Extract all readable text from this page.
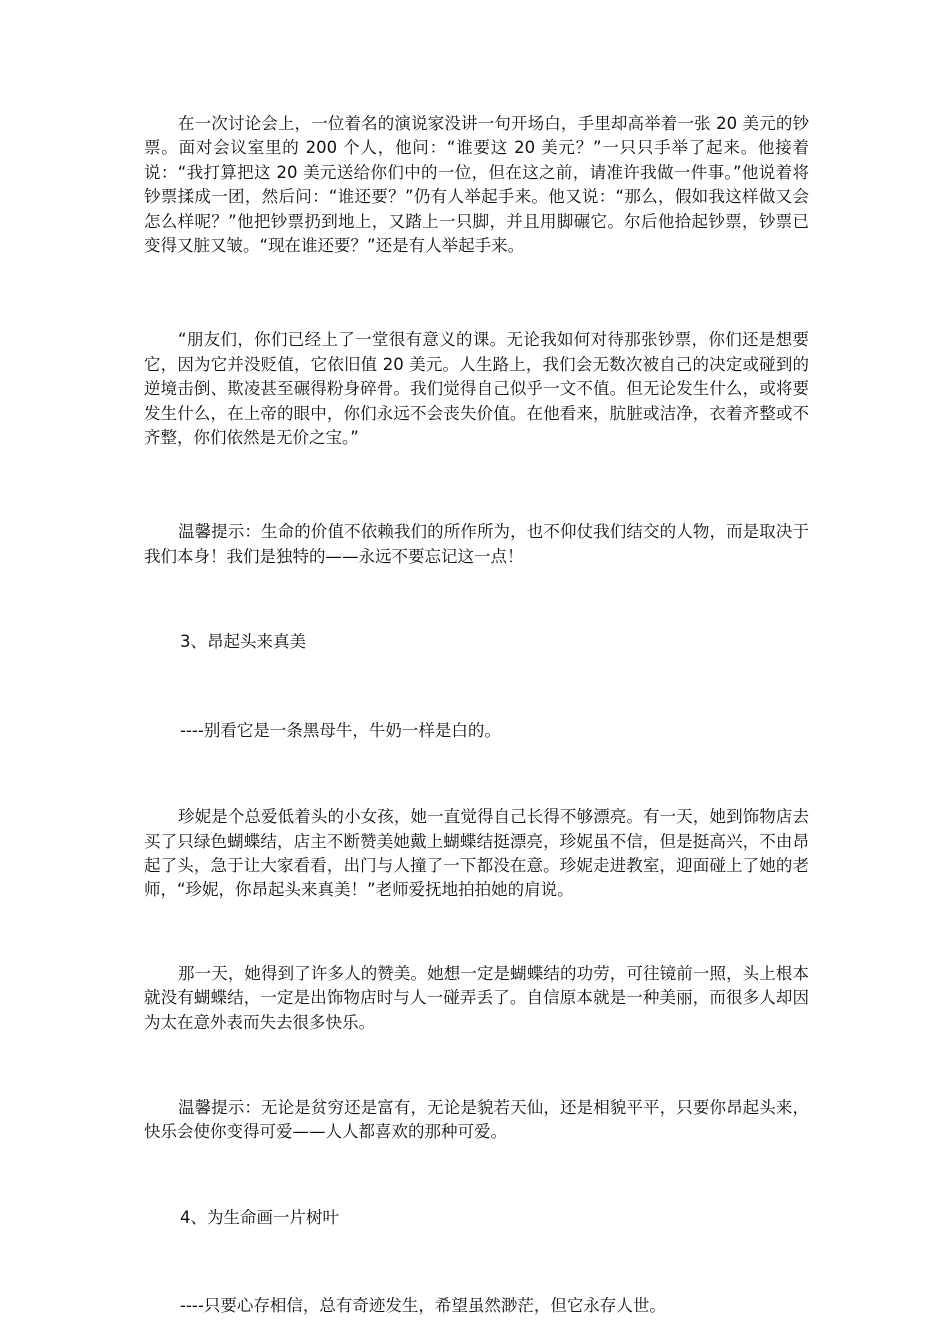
在一次讨论会上，一位着名的演说家没讲一句开场白，手里却高举着一张 20 美元的钞票。面对会议室里的 200 个人，他问：“谁要这 20 美元？”一只只手举了起来。他接着说：“我打算把这 20 美元送给你们中的一位，但在这之前，请准许我做一件事。”他说着将钞票揉成一团，然后问：“谁还要？”仍有人举起手来。他又说：“那么，假如我这样做又会怎么样呢？”他把钞票扔到地上，又踏上一只脚，并且用脚碾它。尔后他拾起钞票，钞票已变得又脏又皱。“现在谁还要？”还是有人举起手来。

“朋友们，你们已经上了一堂很有意义的课。无论我如何对待那张钞票，你们还是想要它，因为它并没贬值，它依旧值 20 美元。人生路上，我们会无数次被自己的决定或碰到的逆境击倒、欺凌甚至碾得粉身碎骨。我们觉得自己似乎一文不值。但无论发生什么，或将要发生什么，在上帝的眼中，你们永远不会丧失价值。在他看来，肮脏或洁净，衣着齐整或不齐整，你们依然是无价之宝。”

温馨提示：生命的价值不依赖我们的所作所为，也不仰仗我们结交的人物，而是取决于我们本身！我们是独特的——永远不要忘记这一点！

3、昂起头来真美

----别看它是一条黑母牛，牛奶一样是白的。

珍妮是个总爱低着头的小女孩，她一直觉得自己长得不够漂亮。有一天，她到饰物店去买了只绿色蝴蝶结，店主不断赞美她戴上蝴蝶结挺漂亮，珍妮虽不信，但是挺高兴，不由昂起了头，急于让大家看看，出门与人撞了一下都没在意。珍妮走进教室，迎面碰上了她的老师，“珍妮，你昂起头来真美！”老师爱抚地拍拍她的肩说。

那一天，她得到了许多人的赞美。她想一定是蝴蝶结的功劳，可往镜前一照，头上根本就没有蝴蝶结，一定是出饰物店时与人一碰弄丢了。自信原本就是一种美丽，而很多人却因为太在意外表而失去很多快乐。

温馨提示：无论是贫穷还是富有，无论是貌若天仙，还是相貌平平，只要你昂起头来，快乐会使你变得可爱——人人都喜欢的那种可爱。

4、为生命画一片树叶

----只要心存相信，总有奇迹发生，希望虽然渺茫，但它永存人世。
